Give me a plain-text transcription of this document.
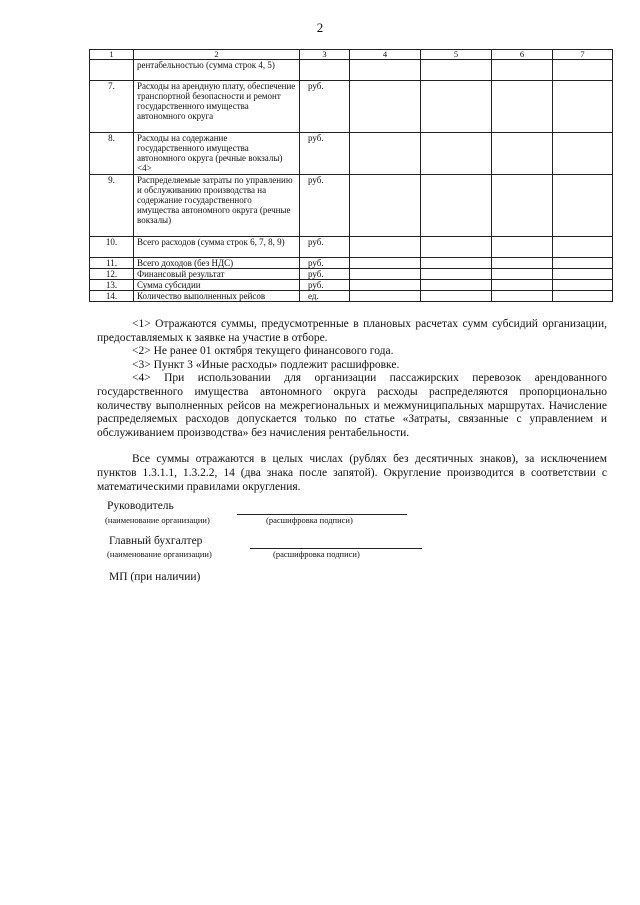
2
1	2	3	4	5	6	7
	рентабельностью (сумма строк 4, 5)					
7.	Расходы на арендную плату, обеспечение транспортной безопасности и ремонт государственного имущества автономного округа	руб.				
8.	Расходы на содержание государственного имущества автономного округа (речные вокзалы) <4>	руб.				
9.	Распределяемые затраты по управлению и обслуживанию производства на содержание государственного имущества автономного округа (речные вокзалы)	руб.				
10.	Всего расходов (сумма строк 6, 7, 8, 9)	руб.				
11.	Всего доходов (без НДС)	руб.				
12.	Финансовый результат	руб.				
13.	Сумма субсидии	руб.				
14.	Количество выполненных рейсов	ед.				

<1> Отражаются суммы, предусмотренные в плановых расчетах сумм субсидий организации, предоставляемых к заявке на участие в отборе.

<2> Не ранее 01 октября текущего финансового года.

<3> Пункт 3 «Иные расходы» подлежит расшифровке.

<4> При использовании для организации пассажирских перевозок арендованного государственного имущества автономного округа расходы распределяются пропорционально количеству выполненных рейсов на межрегиональных и межмуниципальных маршрутах. Начисление распределяемых расходов допускается только по статье «Затраты, связанные с управлением и обслуживанием производства» без начисления рентабельности.

Все суммы отражаются в целых числах (рублях без десятичных знаков), за исключением пунктов 1.3.1.1, 1.3.2.2, 14 (два знака после запятой). Округление производится в соответствии с математическими правилами округления.

Руководитель
(наименование организации)	(расшифровка подписи)
Главный бухгалтер
(наименование организации)	(расшифровка подписи)
МП (при наличии)
